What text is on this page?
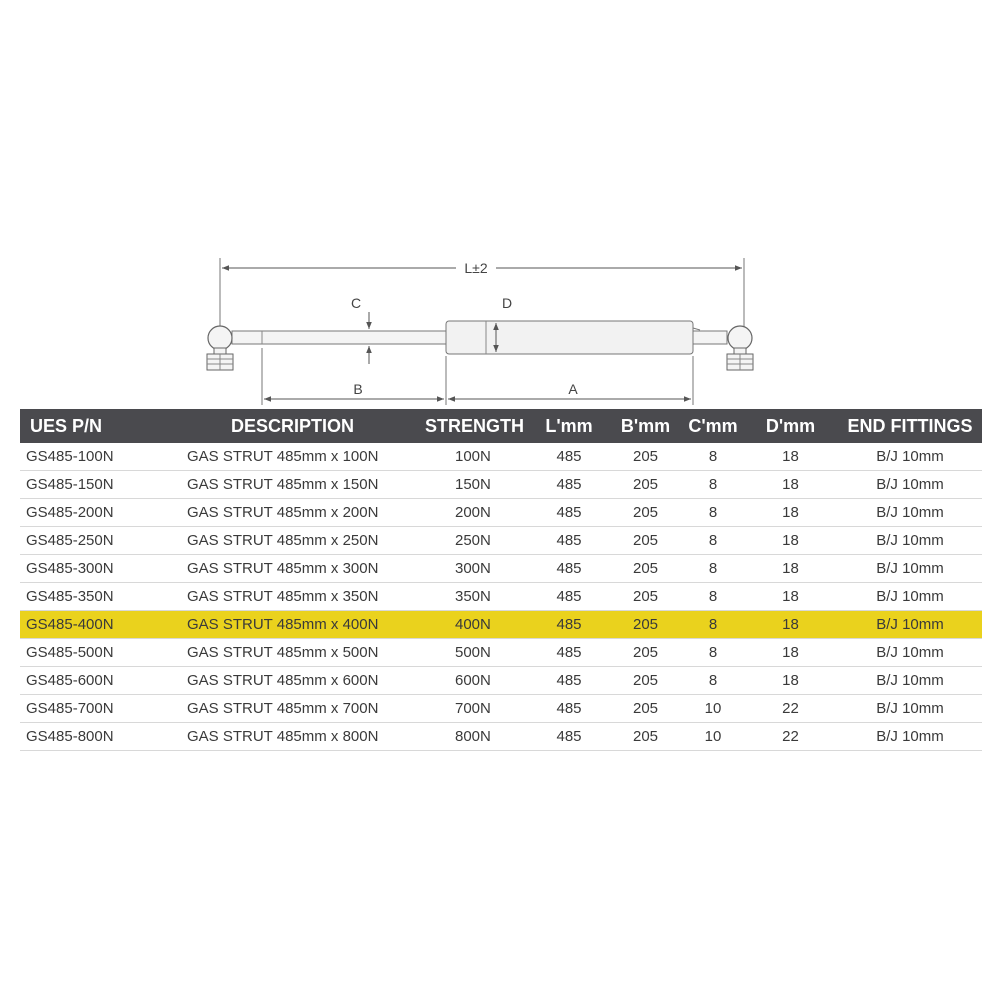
L±2
C	D
B	A
UES P/N	DESCRIPTION	STRENGTH	L'mm	B'mm	C'mm	D'mm	END FITTINGS
GS485-100N	GAS STRUT 485mm x 100N	100N	485	205	8	18	B/J 10mm
GS485-150N	GAS STRUT 485mm x 150N	150N	485	205	8	18	B/J 10mm
GS485-200N	GAS STRUT 485mm x 200N	200N	485	205	8	18	B/J 10mm
GS485-250N	GAS STRUT 485mm x 250N	250N	485	205	8	18	B/J 10mm
GS485-300N	GAS STRUT 485mm x 300N	300N	485	205	8	18	B/J 10mm
GS485-350N	GAS STRUT 485mm x 350N	350N	485	205	8	18	B/J 10mm
GS485-400N	GAS STRUT 485mm x 400N	400N	485	205	8	18	B/J 10mm
GS485-500N	GAS STRUT 485mm x 500N	500N	485	205	8	18	B/J 10mm
GS485-600N	GAS STRUT 485mm x 600N	600N	485	205	8	18	B/J 10mm
GS485-700N	GAS STRUT 485mm x 700N	700N	485	205	10	22	B/J 10mm
GS485-800N	GAS STRUT 485mm x 800N	800N	485	205	10	22	B/J 10mm
